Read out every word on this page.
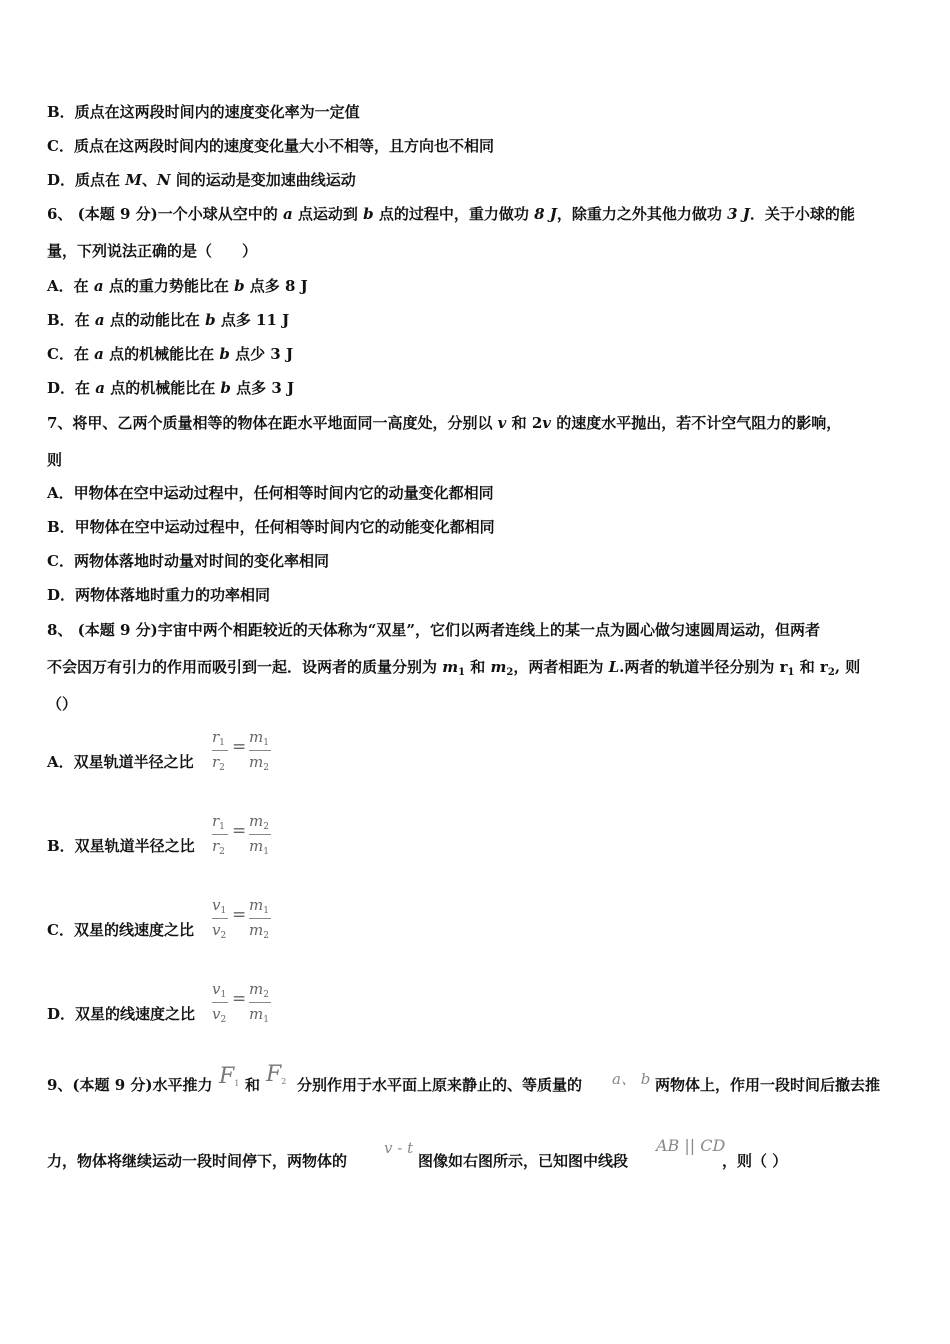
B．质点在这两段时间内的速度变化率为一定值
C．质点在这两段时间内的速度变化量大小不相等，且方向也不相同
D．质点在 M、N 间的运动是变加速曲线运动
6、 (本题 9 分)一个小球从空中的 a 点运动到 b 点的过程中，重力做功 8 J，除重力之外其他力做功 3 J．关于小球的能
量，下列说法正确的是（　　）
A．在 a 点的重力势能比在 b 点多 8 J
B．在 a 点的动能比在 b 点多 11 J
C．在 a 点的机械能比在 b 点少 3 J
D．在 a 点的机械能比在 b 点多 3 J
7、将甲、乙两个质量相等的物体在距水平地面同一高度处，分别以 v 和 2v 的速度水平抛出，若不计空气阻力的影响，
则
A．甲物体在空中运动过程中，任何相等时间内它的动量变化都相同
B．甲物体在空中运动过程中，任何相等时间内它的动能变化都相同
C．两物体落地时动量对时间的变化率相同
D．两物体落地时重力的功率相同
8、 (本题 9 分)宇宙中两个相距较近的天体称为“双星”，它们以两者连线上的某一点为圆心做匀速圆周运动，但两者
不会因万有引力的作用而吸引到一起．设两者的质量分别为 $m_1$ 和 $m_2$，两者相距为 L.两者的轨道半径分别为 $r_1$ 和 $r_2$, 则
（）
A．双星轨道半径之比
$r_1$
$r_2$
= $m_1$
$m_2$
B．双星轨道半径之比
$r_1$
$r_2$
= $m_2$
$m_1$
C．双星的线速度之比
$v_1$
$v_2$
= $m_1$
$m_2$
D．双星的线速度之比
$v_1$
$v_2$
= $m_2$
$m_1$
9、(本题 9 分)水平推力 F1 和 F2 分别作用于水平面上原来静止的、等质量的 a、 b 两物体上，作用一段时间后撤去推
力，物体将继续运动一段时间停下，两物体的
v - t
图像如右图所示，已知图中线段
AB || CD
，则（ ）
